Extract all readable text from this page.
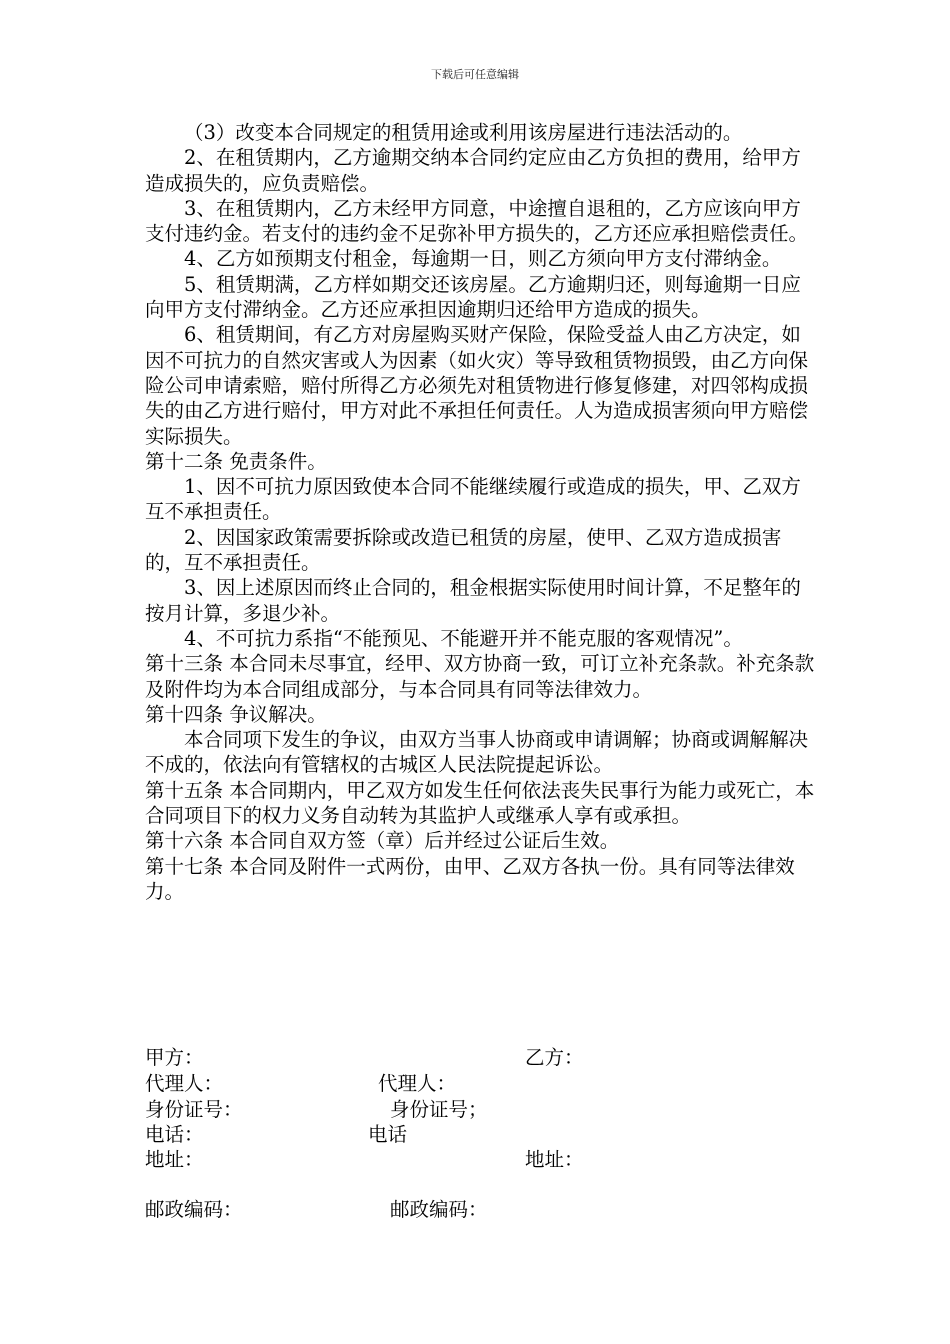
下载后可任意编辑

（3）改变本合同规定的租赁用途或利用该房屋进行违法活动的。

2、在租赁期内，乙方逾期交纳本合同约定应由乙方负担的费用，给甲方造成损失的，应负责赔偿。

3、在租赁期内，乙方未经甲方同意，中途擅自退租的，乙方应该向甲方支付违约金。若支付的违约金不足弥补甲方损失的，乙方还应承担赔偿责任。

4、乙方如预期支付租金，每逾期一日，则乙方须向甲方支付滞纳金。

5、租赁期满，乙方样如期交还该房屋。乙方逾期归还，则每逾期一日应向甲方支付滞纳金。乙方还应承担因逾期归还给甲方造成的损失。

6、租赁期间，有乙方对房屋购买财产保险，保险受益人由乙方决定，如因不可抗力的自然灾害或人为因素（如火灾）等导致租赁物损毁，由乙方向保险公司申请索赔，赔付所得乙方必须先对租赁物进行修复修建，对四邻构成损失的由乙方进行赔付，甲方对此不承担任何责任。人为造成损害须向甲方赔偿实际损失。

第十二条 免责条件。

1、因不可抗力原因致使本合同不能继续履行或造成的损失，甲、乙双方互不承担责任。

2、因国家政策需要拆除或改造已租赁的房屋，使甲、乙双方造成损害的，互不承担责任。

3、因上述原因而终止合同的，租金根据实际使用时间计算，不足整年的按月计算，多退少补。

4、不可抗力系指“不能预见、不能避开并不能克服的客观情况”。

第十三条 本合同未尽事宜，经甲、双方协商一致，可订立补充条款。补充条款及附件均为本合同组成部分，与本合同具有同等法律效力。

第十四条 争议解决。

本合同项下发生的争议，由双方当事人协商或申请调解；协商或调解解决不成的，依法向有管辖权的古城区人民法院提起诉讼。

第十五条 本合同期内，甲乙双方如发生任何依法丧失民事行为能力或死亡，本合同项目下的权力义务自动转为其监护人或继承人享有或承担。

第十六条 本合同自双方签（章）后并经过公证后生效。

第十七条 本合同及附件一式两份，由甲、乙双方各执一份。具有同等法律效力。

甲方：	乙方：
代理人：	代理人：
身份证号：	身份证号；
电话：	电话
地址：	地址：
邮政编码：	邮政编码：
